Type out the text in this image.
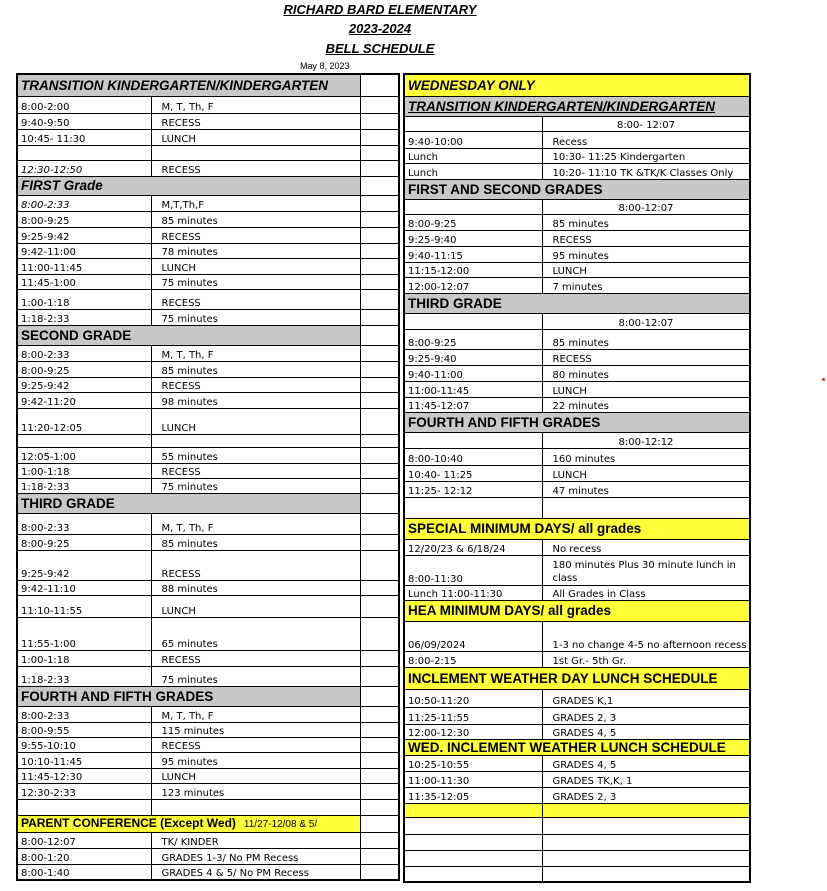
RICHARD BARD ELEMENTARY
2023-2024
BELL SCHEDULE
May 8, 2023
TRANSITION KINDERGARTEN/KINDERGARTEN		
8:00-2:00	M, T, Th, F	
9:40-9:50	RECESS	
10:45- 11:30	LUNCH	

12:30-12:50	RECESS	
FIRST Grade		
8:00-2:33	M,T,Th,F	
8:00-9:25	85 minutes	
9:25-9:42	RECESS	
9:42-11:00	78 minutes	
11:00-11:45	LUNCH	
11:45-1:00	75 minutes	
1:00-1:18	RECESS	
1:18-2:33	75 minutes	
SECOND GRADE		
8:00-2:33	M, T, Th, F	
8:00-9:25	85 minutes	
9:25-9:42	RECESS	
9:42-11:20	98 minutes	
11:20-12:05	LUNCH	

12:05-1:00	55 minutes	
1:00-1:18	RECESS	
1:18-2:33	75 minutes	
THIRD GRADE		
8:00-2:33	M, T, Th, F	
8:00-9:25	85 minutes	
9:25-9:42	RECESS	
9:42-11:10	88 minutes	
11:10-11:55	LUNCH	
11:55-1:00	65 minutes	
1:00-1:18	RECESS	
1:18-2:33	75 minutes	
FOURTH AND FIFTH GRADES		
8:00-2:33	M, T, Th, F	
8:00-9:55	115 minutes	
9:55-10:10	RECESS	
10:10-11:45	95 minutes	
11:45-12:30	LUNCH	
12:30-2:33	123 minutes	

PARENT CONFERENCE (Except Wed) 11/27-12/08 & 5/		
8:00-12:07	TK/ KINDER	
8:00-1:20	GRADES 1-3/ No PM Recess	
8:00-1:40	GRADES 4 & 5/ No PM Recess	
WEDNESDAY ONLY	
TRANSITION KINDERGARTEN/KINDERGARTEN	
	8:00- 12:07
9:40-10:00	Recess
Lunch	10:30- 11:25 Kindergarten
Lunch	10:20- 11:10 TK &TK/K Classes Only
FIRST AND SECOND GRADES	
	8:00-12:07
8:00-9:25	85 minutes
9:25-9:40	RECESS
9:40-11:15	95 minutes
11:15-12:00	LUNCH
12:00-12:07	7 minutes
THIRD GRADE	
	8:00-12:07
8:00-9:25	85 minutes
9:25-9:40	RECESS
9:40-11:00	80 minutes
11:00-11:45	LUNCH
11:45-12:07	22 minutes
FOURTH AND FIFTH GRADES	
	8:00-12:12
8:00-10:40	160 minutes
10:40- 11:25	LUNCH
11:25- 12:12	47 minutes

SPECIAL MINIMUM DAYS/ all grades	
12/20/23 & 6/18/24	No recess
8:00-11:30	180 minutes Plus 30 minute lunch in class
Lunch 11:00-11:30	All Grades in Class
HEA MINIMUM DAYS/ all grades	
06/09/2024	1-3 no change 4-5 no afternoon recess
8:00-2:15	1st Gr.- 5th Gr.
INCLEMENT WEATHER DAY LUNCH SCHEDULE	
10:50-11:20	GRADES K,1
11:25-11:55	GRADES 2, 3
12:00-12:30	GRADES 4, 5
WED. INCLEMENT WEATHER LUNCH SCHEDULE	
10:25-10:55	GRADES 4, 5
11:00-11:30	GRADES TK,K, 1
11:35-12:05	GRADES 2, 3
